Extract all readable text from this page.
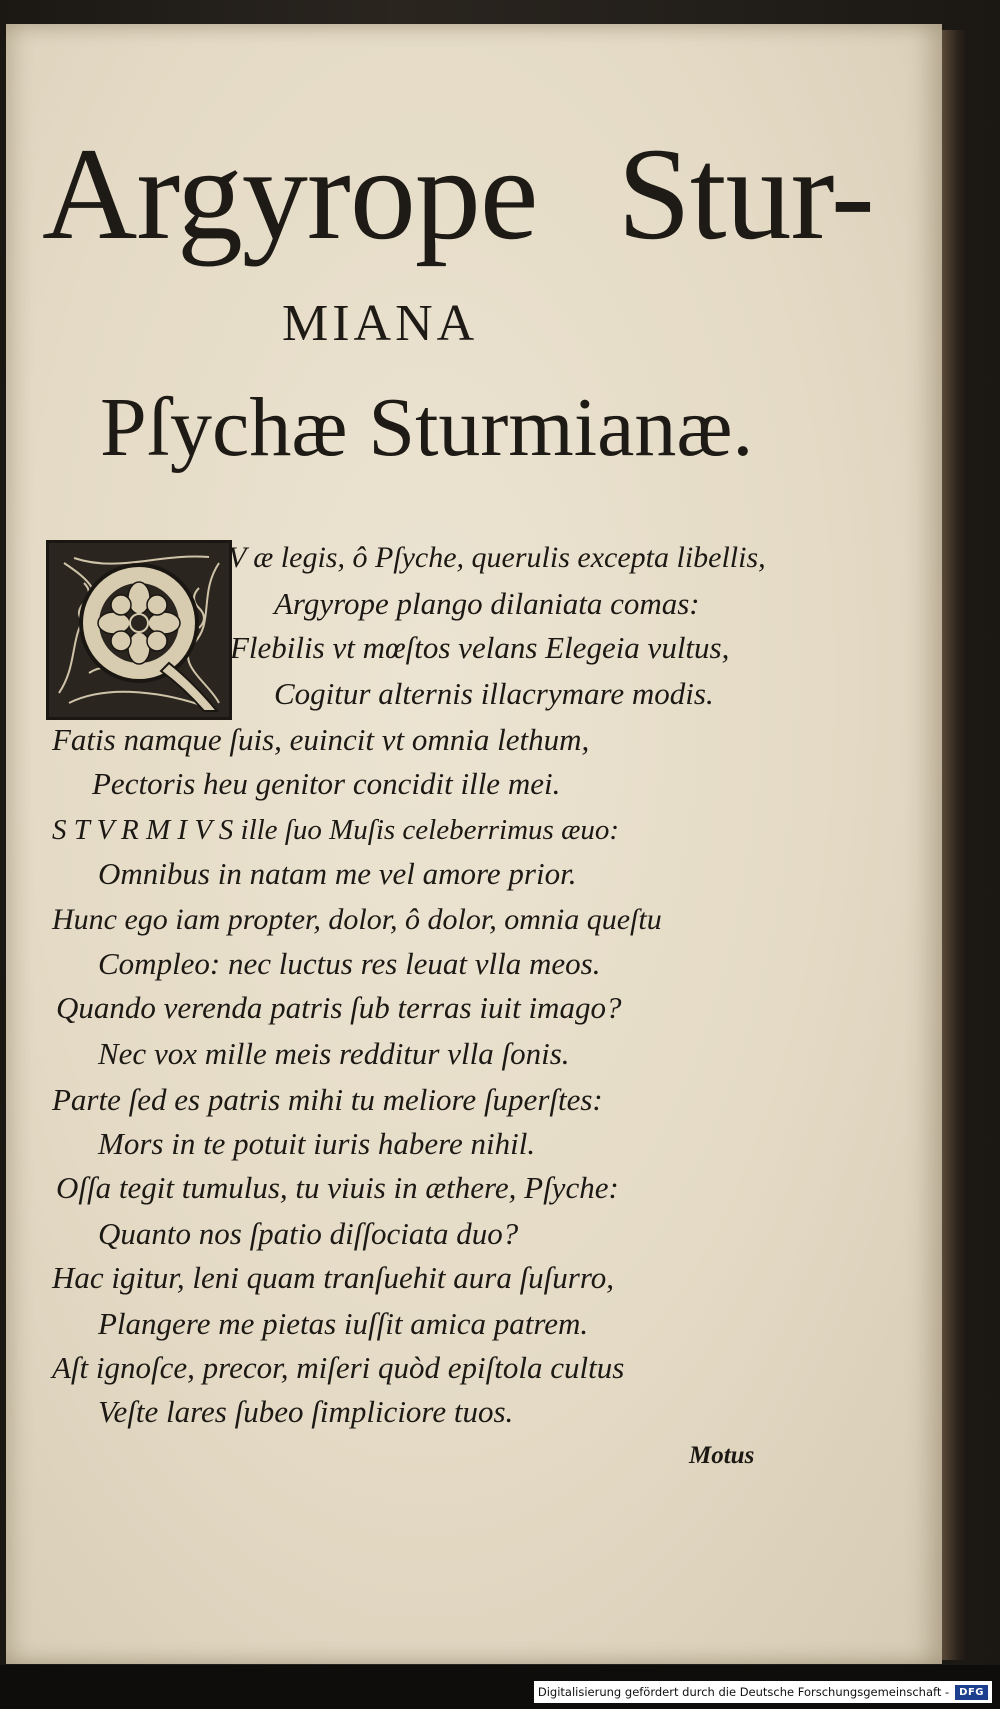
Argyrope Stur-
MIANA
Pſychæ Sturmianæ.
V æ legis, ô Pſyche, querulis excepta libellis,
Argyrope plango dilaniata comas:
Flebilis vt mœſtos velans Elegeia vultus,
Cogitur alternis illacrymare modis.
Fatis namque ſuis, euincit vt omnia lethum,
Pectoris heu genitor concidit ille mei.
S T V R M I V S ille ſuo Muſis celeberrimus æuo:
Omnibus in natam me vel amore prior.
Hunc ego iam propter, dolor, ô dolor, omnia queſtu
Compleo: nec luctus res leuat vlla meos.
Quando verenda patris ſub terras iuit imago?
Nec vox mille meis redditur vlla ſonis.
Parte ſed es patris mihi tu meliore ſuperſtes:
Mors in te potuit iuris habere nihil.
Oſſa tegit tumulus, tu viuis in æthere, Pſyche:
Quanto nos ſpatio diſſociata duo?
Hac igitur, leni quam tranſuehit aura ſuſurro,
Plangere me pietas iuſſit amica patrem.
Aſt ignoſce, precor, miſeri quòd epiſtola cultus
Veſte lares ſubeo ſimpliciore tuos.
Motus
Digitalisierung gefördert durch die Deutsche Forschungsgemeinschaft -	DFG
